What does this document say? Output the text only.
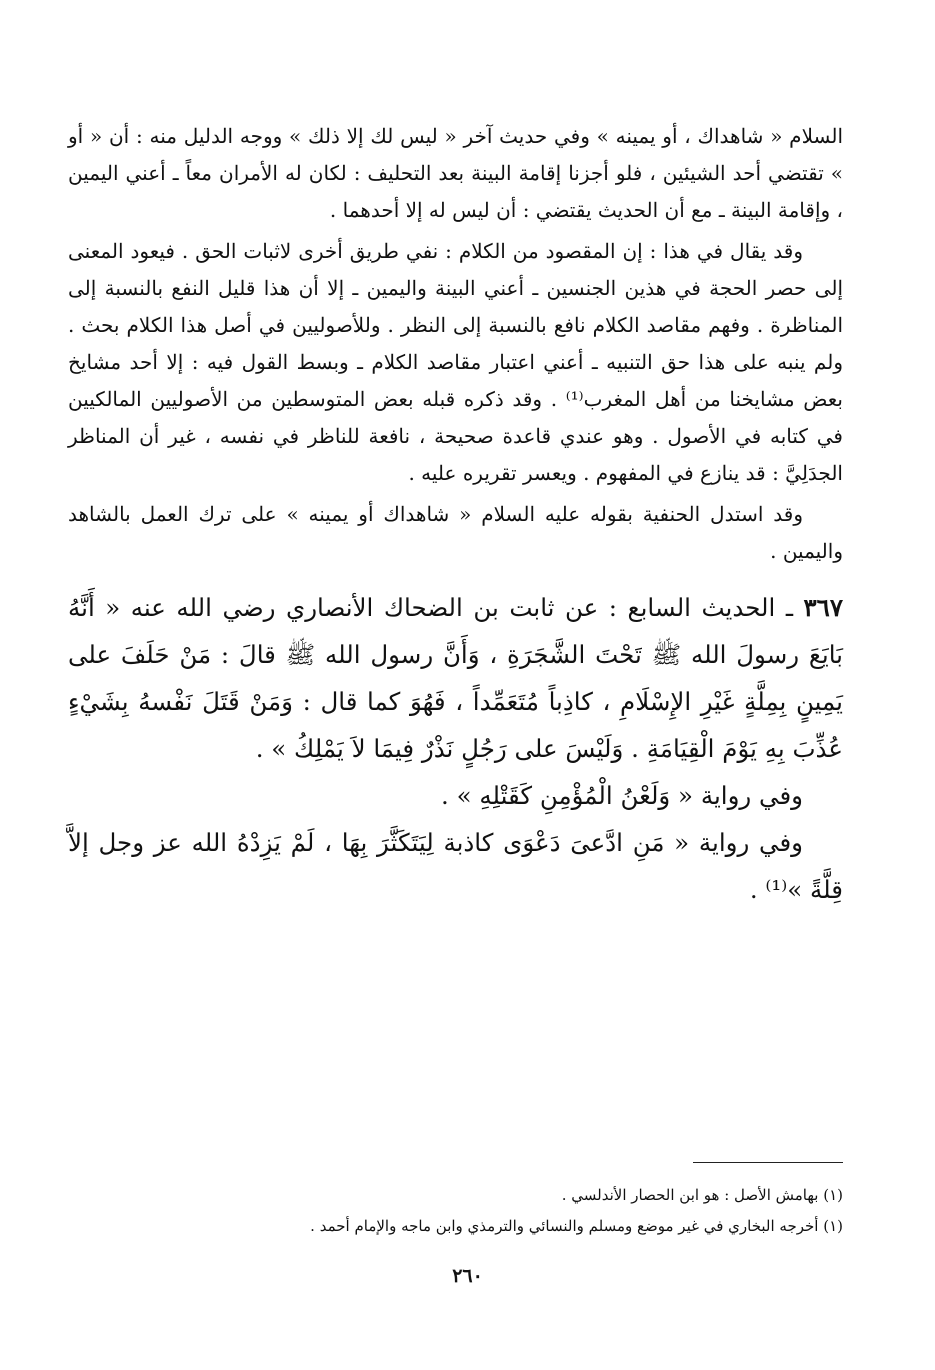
السلام « شاهداك ، أو يمينه » وفي حديث آخر « ليس لك إلا ذلك » ووجه الدليل منه : أن « أو » تقتضي أحد الشيئين ، فلو أجزنا إقامة البينة بعد التحليف : لكان له الأمران معاً ـ أعني اليمين ، وإقامة البينة ـ مع أن الحديث يقتضي : أن ليس له إلا أحدهما .

وقد يقال في هذا : إن المقصود من الكلام : نفي طريق أخرى لاثبات الحق . فيعود المعنى إلى حصر الحجة في هذين الجنسين ـ أعني البينة واليمين ـ إلا أن هذا قليل النفع بالنسبة إلى المناظرة . وفهم مقاصد الكلام نافع بالنسبة إلى النظر . وللأصوليين في أصل هذا الكلام بحث . ولم ينبه على هذا حق التنبيه ـ أعني اعتبار مقاصد الكلام ـ وبسط القول فيه : إلا أحد مشايخ بعض مشايخنا من أهل المغرب⁽¹⁾ . وقد ذكره قبله بعض المتوسطين من الأصوليين المالكيين في كتابه في الأصول . وهو عندي قاعدة صحيحة ، نافعة للناظر في نفسه ، غير أن المناظر الجدَلِيَّ : قد ينازع في المفهوم . ويعسر تقريره عليه .

وقد استدل الحنفية بقوله عليه السلام « شاهداك أو يمينه » على ترك العمل بالشاهد واليمين .

٣٦٧ ـ الحديث السابع : عن ثابت بن الضحاك الأنصاري رضي الله عنه « أَنَّهُ بَايَعَ رسولَ الله ﷺ تَحْتَ الشَّجَرَةِ ، وَأَنَّ رسول الله ﷺ قالَ : مَنْ حَلَفَ على يَمِينٍ بِمِلَّةٍ غَيْرِ الإِسْلَامِ ، كاذِباً مُتَعَمِّداً ، فَهُوَ كما قال : وَمَنْ قَتَلَ نَفْسهُ بِشَيْءٍ عُذِّبَ بِهِ يَوْمَ الْقِيَامَةِ . وَلَيْسَ على رَجُلٍ نَذْرٌ فِيمَا لاَ يَمْلِكُ » .

وفي رواية « وَلَعْنُ الْمُؤْمِنِ كَقَتْلِهِ » .

وفي رواية « مَنِ ادَّعىَ دَعْوَى كاذبة لِيَتَكَثَّرَ بِهَا ، لَمْ يَزِدْهُ الله عز وجل إلاَّ قِلَّةً »⁽¹⁾ .

(١) بهامش الأصل : هو ابن الحصار الأندلسي .
(١) أخرجه البخاري في غير موضع ومسلم والنسائي والترمذي وابن ماجه والإمام أحمد .
٢٦٠
